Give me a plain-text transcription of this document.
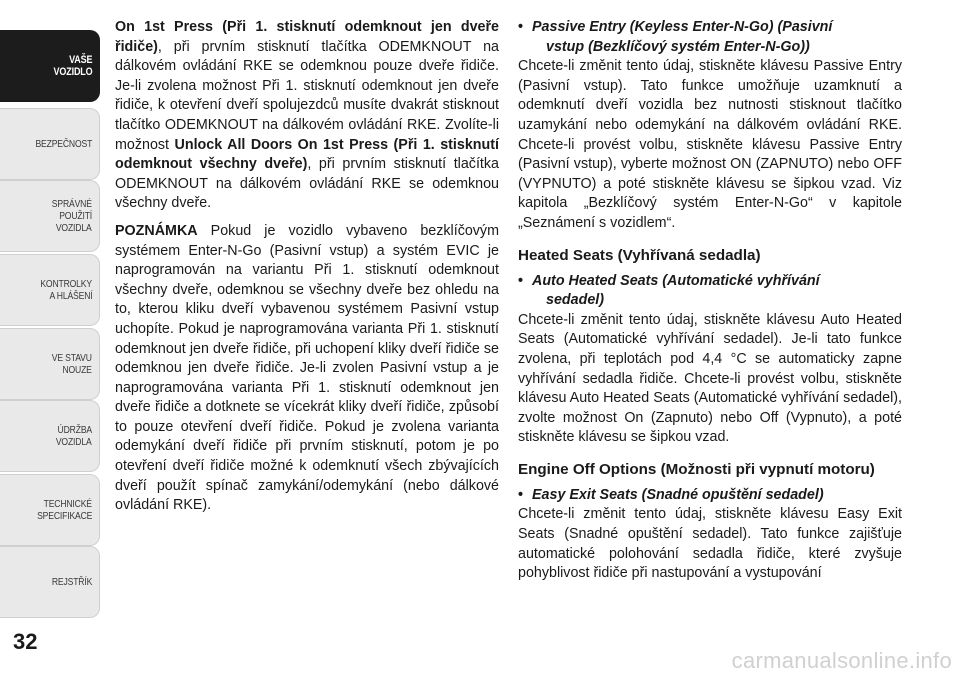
VAŠE
VOZIDLO
BEZPEČNOST
SPRÁVNÉ
POUŽITÍ
VOZIDLA
KONTROLKY
A HLÁŠENÍ
VE STAVU
NOUZE
ÚDRŽBA
VOZIDLA
TECHNICKÉ
SPECIFIKACE
REJSTŘÍK
32

On 1st Press (Při 1. stisknutí odemknout jen dveře řidiče), při prvním stisknutí tlačítka ODEMKNOUT na dálkovém ovládání RKE se odemknou pouze dveře řidiče. Je-li zvolena možnost Při 1. stisknutí odemknout jen dveře řidiče, k otevření dveří spolujezdců musíte dvakrát stisknout tlačítko ODEMKNOUT na dálkovém ovládání RKE. Zvolíte-li možnost Unlock All Doors On 1st Press (Při 1. stisknutí odemknout všechny dveře), při prvním stisknutí tlačítka ODEMKNOUT na dálkovém ovládání RKE se odemknou všechny dveře.

POZNÁMKA Pokud je vozidlo vybaveno bezklíčovým systémem Enter-N-Go (Pasivní vstup) a systém EVIC je naprogramován na variantu Při 1. stisknutí odemknout všechny dveře, odemknou se všechny dveře bez ohledu na to, kterou kliku dveří vybavenou systémem Pasivní vstup uchopíte. Pokud je naprogramována varianta Při 1. stisknutí odemknout jen dveře řidiče, při uchopení kliky dveří řidiče se odemknou jen dveře řidiče. Je-li zvolen Pasivní vstup a je naprogramována varianta Při 1. stisknutí odemknout jen dveře řidiče a dotknete se vícekrát kliky dveří řidiče, způsobí to pouze otevření dveří řidiče. Pokud je zvolena varianta odemykání dveří řidiče při prvním stisknutí, potom je po otevření dveří řidiče možné k odemknutí všech zbývajících dveří použít spínač zamykání/odemykání (nebo dálkové ovládání RKE).

• Passive Entry (Keyless Enter-N-Go) (Pasivní
vstup (Bezklíčový systém Enter-N-Go))

Chcete-li změnit tento údaj, stiskněte klávesu Passive Entry (Pasivní vstup). Tato funkce umožňuje uzamknutí a odemknutí dveří vozidla bez nutnosti stisknout tlačítko uzamykání nebo odemykání na dálkovém ovládání RKE. Chcete-li provést volbu, stiskněte klávesu Passive Entry (Pasivní vstup), vyberte možnost ON (ZAPNUTO) nebo OFF (VYPNUTO) a poté stiskněte klávesu se šipkou vzad. Viz kapitola „Bezklíčový systém Enter-N-Go“ v kapitole „Seznámení s vozidlem“.

Heated Seats (Vyhřívaná sedadla)
• Auto Heated Seats (Automatické vyhřívání
sedadel)

Chcete-li změnit tento údaj, stiskněte klávesu Auto Heated Seats (Automatické vyhřívání sedadel). Je-li tato funkce zvolena, při teplotách pod 4,4 °C se automaticky zapne vyhřívání sedadla řidiče. Chcete-li provést volbu, stiskněte klávesu Auto Heated Seats (Automatické vyhřívání sedadel), zvolte možnost On (Zapnuto) nebo Off (Vypnuto), a poté stiskněte klávesu se šipkou vzad.

Engine Off Options (Možnosti při vypnutí motoru)
• Easy Exit Seats (Snadné opuštění sedadel)

Chcete-li změnit tento údaj, stiskněte klávesu Easy Exit Seats (Snadné opuštění sedadel). Tato funkce zajišťuje automatické polohování sedadla řidiče, které zvyšuje pohyblivost řidiče při nastupování a vystupování

carmanualsonline.info
